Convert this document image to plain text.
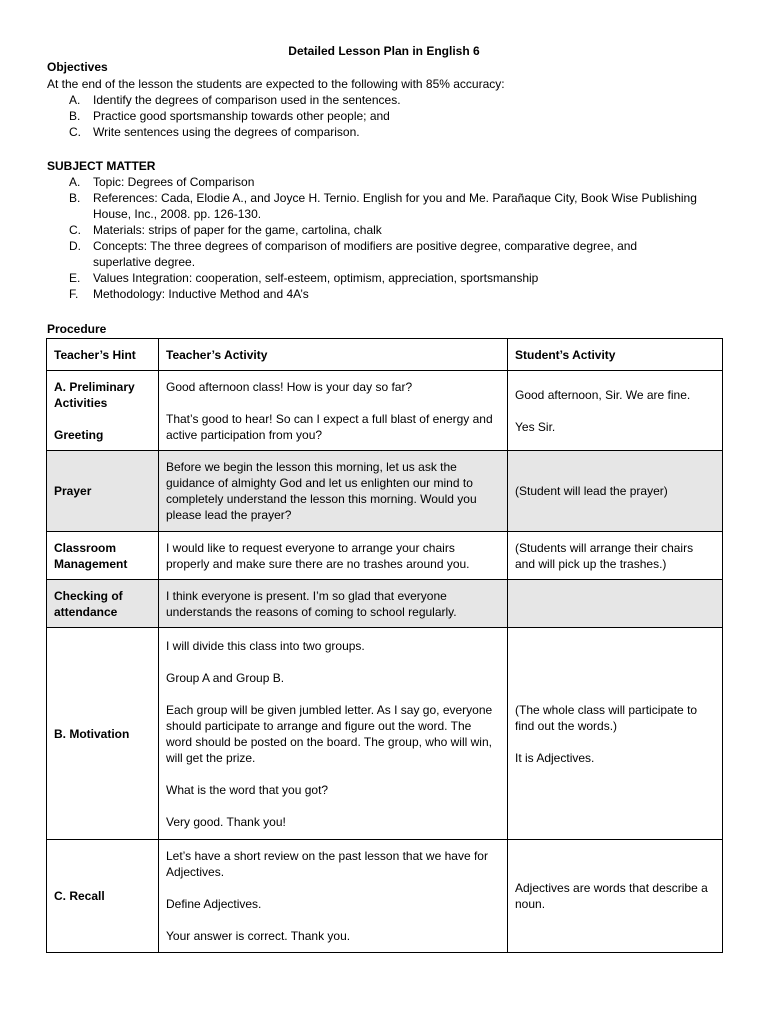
Detailed Lesson Plan in English 6
Objectives
At the end of the lesson the students are expected to the following with 85% accuracy:
A. Identify the degrees of comparison used in the sentences.
B. Practice good sportsmanship towards other people; and
C. Write sentences using the degrees of comparison.
SUBJECT MATTER
A. Topic: Degrees of Comparison
B. References: Cada, Elodie A., and Joyce H. Ternio. English for you and Me. Parañaque City, Book Wise Publishing House, Inc., 2008. pp. 126-130.
C. Materials: strips of paper for the game, cartolina, chalk
D. Concepts: The three degrees of comparison of modifiers are positive degree, comparative degree, and superlative degree.
E. Values Integration: cooperation, self-esteem, optimism, appreciation, sportsmanship
F. Methodology: Inductive Method and 4A’s
Procedure
Teacher’s Hint	Teacher’s Activity	Student’s Activity

A. Preliminary Activities
Greeting	Good afternoon class! How is your day so far?
That’s good to hear! So can I expect a full blast of energy and active participation from you?	Good afternoon, Sir. We are fine.
Yes Sir.

Prayer	Before we begin the lesson this morning, let us ask the guidance of almighty God and let us enlighten our mind to completely understand the lesson this morning. Would you please lead the prayer?	(Student will lead the prayer)
Classroom Management	I would like to request everyone to arrange your chairs properly and make sure there are no trashes around you.	(Students will arrange their chairs and will pick up the trashes.)
Checking of attendance	I think everyone is present. I’m so glad that everyone understands the reasons of coming to school regularly.	
B. Motivation	I will divide this class into two groups.
Group A and Group B.
Each group will be given jumbled letter. As I say go, everyone should participate to arrange and figure out the word. The word should be posted on the board. The group, who will win, will get the prize.
What is the word that you got?
Very good. Thank you!	(The whole class will participate to find out the words.)
It is Adjectives.

C. Recall	Let’s have a short review on the past lesson that we have for Adjectives.
Define Adjectives.
Your answer is correct. Thank you.	Adjectives are words that describe a noun.
